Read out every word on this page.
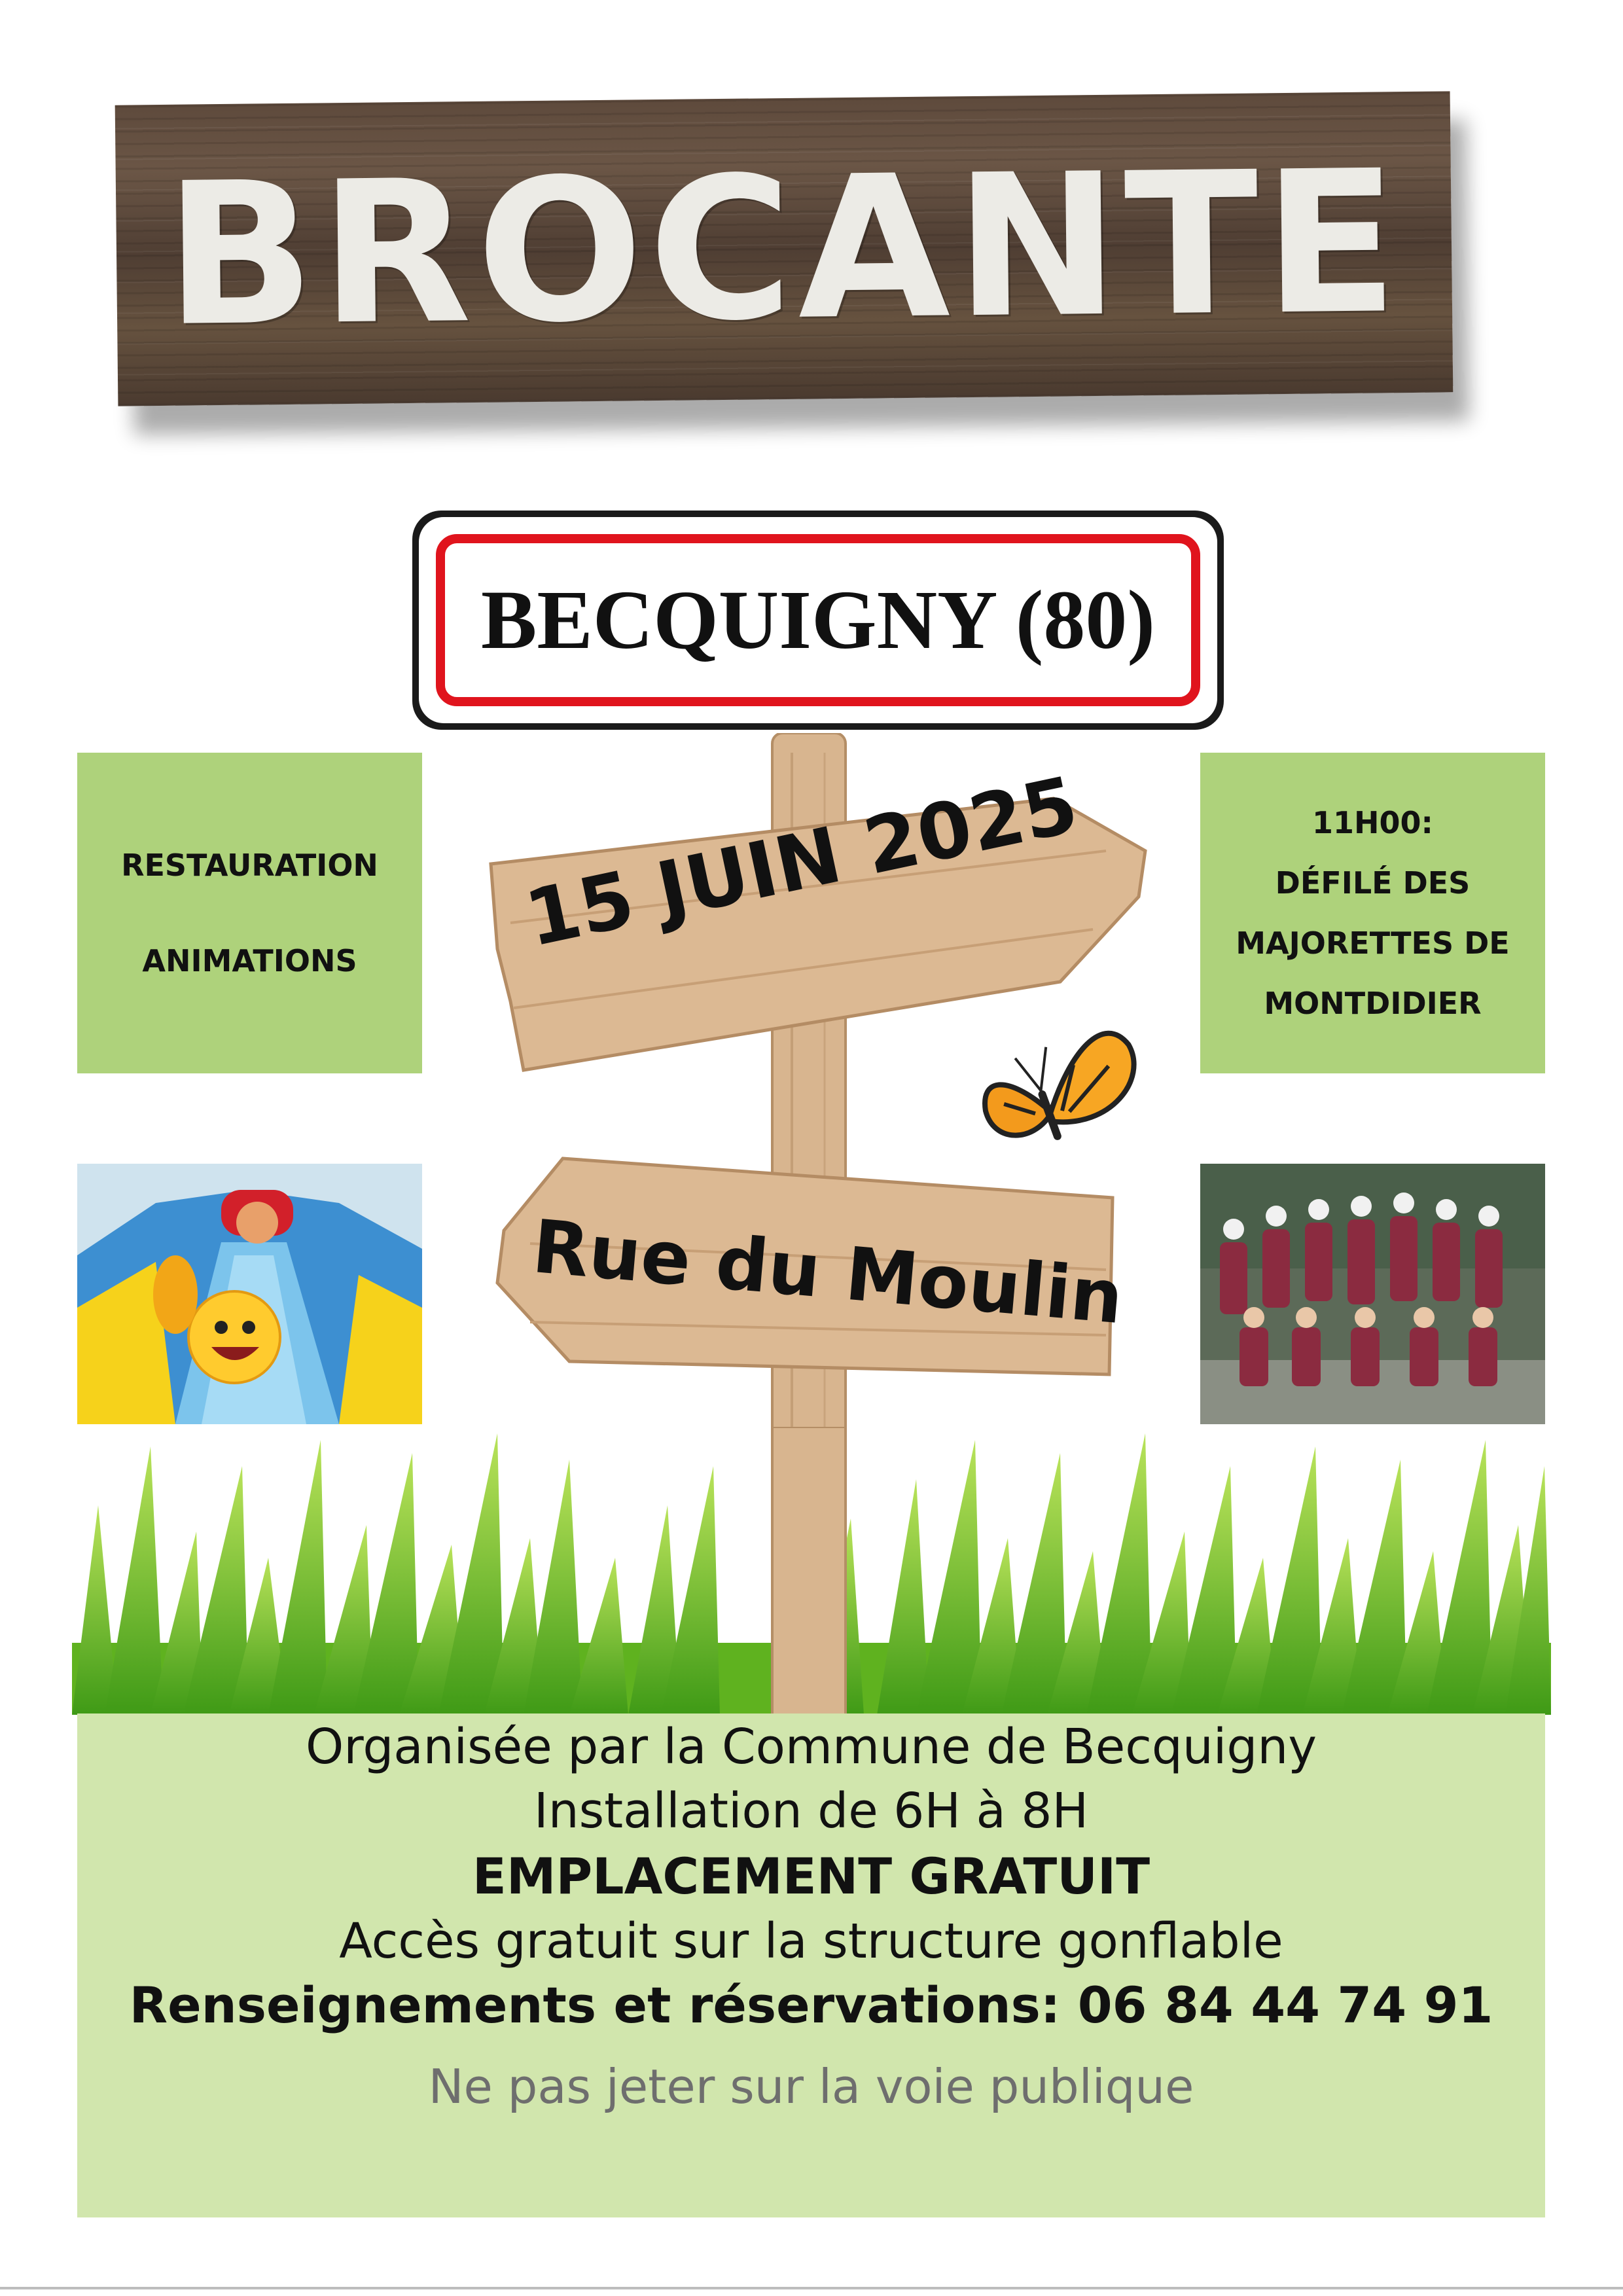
BROCANTE
BECQUIGNY (80)
15 JUIN 2025
Rue du Moulin
RESTAURATION
ANIMATIONS
11H00:
DÉFILÉ DES
MAJORETTES DE
MONTDIDIER
Organisée par la Commune de Becquigny
Installation de 6H à 8H
EMPLACEMENT GRATUIT
Accès gratuit sur la structure gonflable
Renseignements et réservations: 06 84 44 74 91
Ne pas jeter sur la voie publique
